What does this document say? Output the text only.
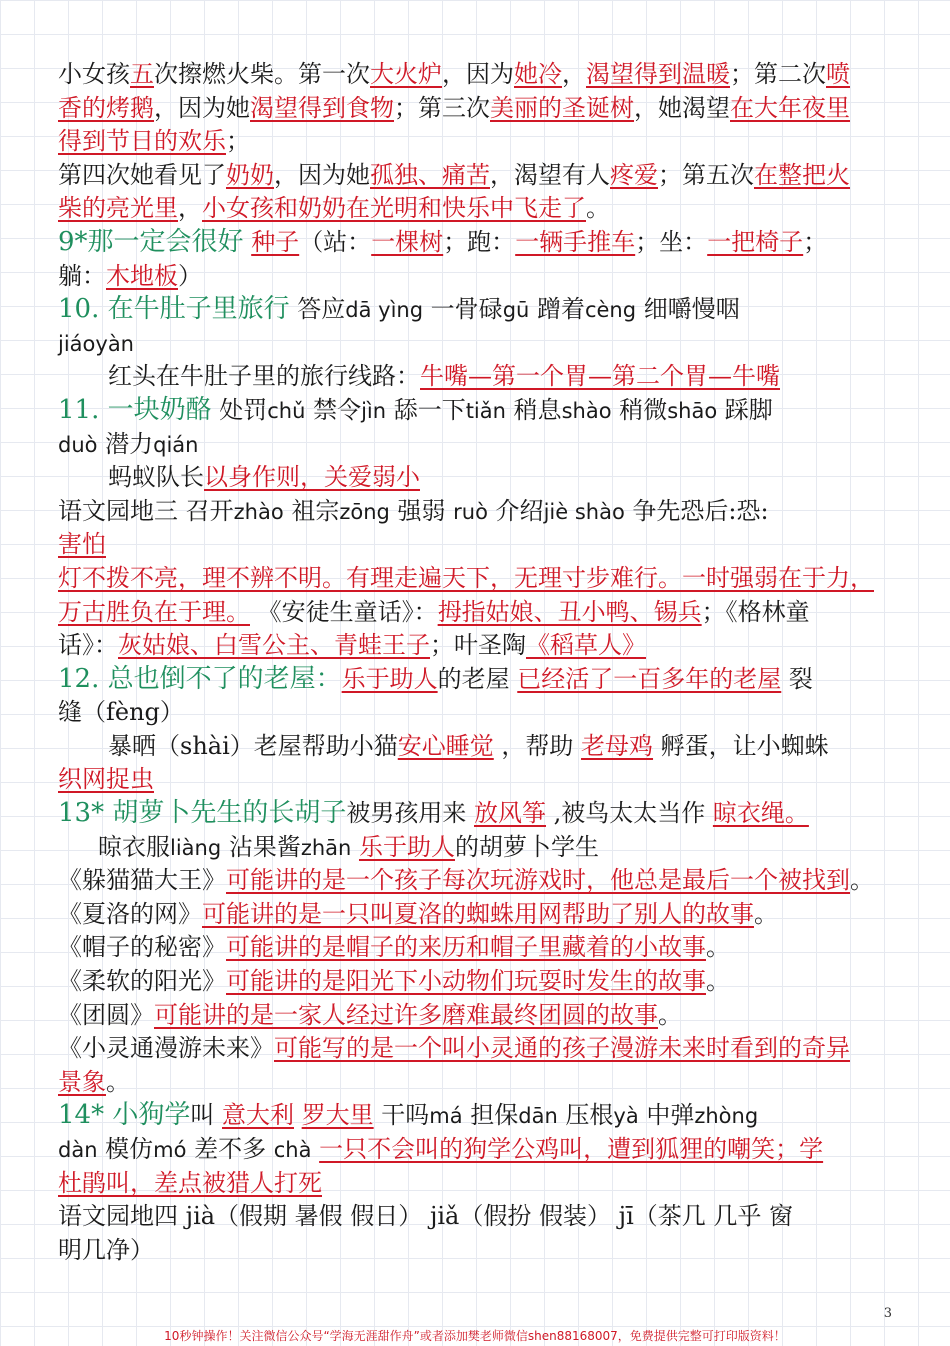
小女孩五次擦燃火柴。第一次大火炉，因为她冷，渴望得到温暖；第二次喷
香的烤鹅，因为她渴望得到食物；第三次美丽的圣诞树，她渴望在大年夜里
得到节日的欢乐；
第四次她看见了奶奶，因为她孤独、痛苦，渴望有人疼爱；第五次在整把火
柴的亮光里，小女孩和奶奶在光明和快乐中飞走了。
9*那一定会很好 种子（站：一棵树；跑：一辆手推车；坐：一把椅子；
躺：木地板）
10. 在牛肚子里旅行 答应dā yìng 一骨碌gū 蹭着cèng 细嚼慢咽
jiáoyàn
红头在牛肚子里的旅行线路：牛嘴—第一个胃—第二个胃—牛嘴
11. 一块奶酪 处罚chǔ 禁令jìn 舔一下tiǎn 稍息shào 稍微shāo 踩脚
duò 潜力qián
蚂蚁队长以身作则，关爱弱小
语文园地三 召开zhào 祖宗zōng 强弱 ruò 介绍jiè shào 争先恐后:恐:
害怕
灯不拨不亮，理不辨不明。有理走遍天下，无理寸步难行。一时强弱在于力，
万古胜负在于理。 《安徒生童话》：拇指姑娘、丑小鸭、锡兵；《格林童
话》：灰姑娘、白雪公主、青蛙王子；叶圣陶《稻草人》
12. 总也倒不了的老屋：乐于助人的老屋 已经活了一百多年的老屋 裂
缝（fèng）
暴晒（shài）老屋帮助小猫安心睡觉 ，帮助 老母鸡 孵蛋，让小蜘蛛
织网捉虫
13* 胡萝卜先生的长胡子被男孩用来 放风筝 ,被鸟太太当作 晾衣绳。
晾衣服liàng 沾果酱zhān 乐于助人的胡萝卜学生
《躲猫猫大王》可能讲的是一个孩子每次玩游戏时，他总是最后一个被找到。
《夏洛的网》可能讲的是一只叫夏洛的蜘蛛用网帮助了别人的故事。
《帽子的秘密》可能讲的是帽子的来历和帽子里藏着的小故事。
《柔软的阳光》可能讲的是阳光下小动物们玩耍时发生的故事。
《团圆》可能讲的是一家人经过许多磨难最终团圆的故事。
《小灵通漫游未来》可能写的是一个叫小灵通的孩子漫游未来时看到的奇异
景象。
14* 小狗学叫 意大利 罗大里 干吗má 担保dān 压根yà 中弹zhòng
dàn 模仿mó 差不多 chà 一只不会叫的狗学公鸡叫，遭到狐狸的嘲笑；学
杜鹃叫，差点被猎人打死
语文园地四 jià（假期 暑假 假日） jiǎ（假扮 假装） jī（茶几 几乎 窗
明几净）
3
10秒钟操作！关注微信公众号“学海无涯甜作舟”或者添加樊老师微信shen88168007，免费提供完整可打印版资料！
